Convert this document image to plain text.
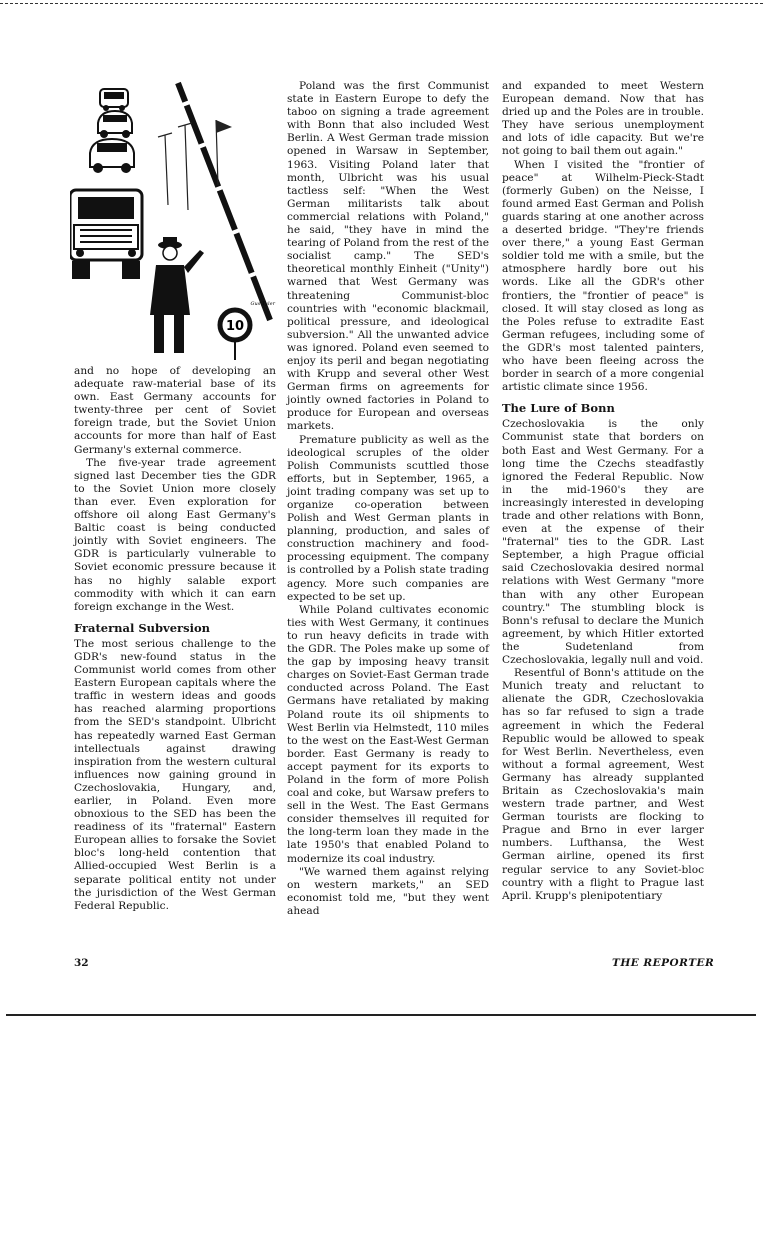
10
Gus Tyler

and no hope of developing an adequate raw-material base of its own. East Germany accounts for twenty-three per cent of Soviet foreign trade, but the Soviet Union accounts for more than half of East Germany's external commerce.

The five-year trade agreement signed last December ties the GDR to the Soviet Union more closely than ever. Even exploration for offshore oil along East Germany's Baltic coast is being conducted jointly with Soviet engineers. The GDR is particularly vulnerable to Soviet economic pressure because it has no highly salable export commodity with which it can earn foreign exchange in the West.

Fraternal Subversion

The most serious challenge to the GDR's new-found status in the Communist world comes from other Eastern European capitals where the traffic in western ideas and goods has reached alarming proportions from the SED's standpoint. Ulbricht has repeatedly warned East German intellectuals against drawing inspiration from the western cultural influences now gaining ground in Czechoslovakia, Hungary, and, earlier, in Poland. Even more obnoxious to the SED has been the readiness of its "fraternal" Eastern European allies to forsake the Soviet bloc's long-held contention that Allied-occupied West Berlin is a separate political entity not under the jurisdiction of the West German Federal Republic.

Poland was the first Communist state in Eastern Europe to defy the taboo on signing a trade agreement with Bonn that also included West Berlin. A West German trade mission opened in Warsaw in September, 1963. Visiting Poland later that month, Ulbricht was his usual tactless self: "When the West German militarists talk about commercial relations with Poland," he said, "they have in mind the tearing of Poland from the rest of the socialist camp." The SED's theoretical monthly Einheit ("Unity") warned that West Germany was threatening Communist-bloc countries with "economic blackmail, political pressure, and ideological subversion." All the unwanted advice was ignored. Poland even seemed to enjoy its peril and began negotiating with Krupp and several other West German firms on agreements for jointly owned factories in Poland to produce for European and overseas markets.

Premature publicity as well as the ideological scruples of the older Polish Communists scuttled those efforts, but in September, 1965, a joint trading company was set up to organize co-operation between Polish and West German plants in planning, production, and sales of construction machinery and food-processing equipment. The company is controlled by a Polish state trading agency. More such companies are expected to be set up.

While Poland cultivates economic ties with West Germany, it continues to run heavy deficits in trade with the GDR. The Poles make up some of the gap by imposing heavy transit charges on Soviet-East German trade conducted across Poland. The East Germans have retaliated by making Poland route its oil shipments to West Berlin via Helmstedt, 110 miles to the west on the East-West German border. East Germany is ready to accept payment for its exports to Poland in the form of more Polish coal and coke, but Warsaw prefers to sell in the West. The East Germans consider themselves ill requited for the long-term loan they made in the late 1950's that enabled Poland to modernize its coal industry.

"We warned them against relying on western markets," an SED economist told me, "but they went ahead

and expanded to meet Western European demand. Now that has dried up and the Poles are in trouble. They have serious unemployment and lots of idle capacity. But we're not going to bail them out again."

When I visited the "frontier of peace" at Wilhelm-Pieck-Stadt (formerly Guben) on the Neisse, I found armed East German and Polish guards staring at one another across a deserted bridge. "They're friends over there," a young East German soldier told me with a smile, but the atmosphere hardly bore out his words. Like all the GDR's other frontiers, the "frontier of peace" is closed. It will stay closed as long as the Poles refuse to extradite East German refugees, including some of the GDR's most talented painters, who have been fleeing across the border in search of a more congenial artistic climate since 1956.

The Lure of Bonn

Czechoslovakia is the only Communist state that borders on both East and West Germany. For a long time the Czechs steadfastly ignored the Federal Republic. Now in the mid-1960's they are increasingly interested in developing trade and other relations with Bonn, even at the expense of their "fraternal" ties to the GDR. Last September, a high Prague official said Czechoslovakia desired normal relations with West Germany "more than with any other European country." The stumbling block is Bonn's refusal to declare the Munich agreement, by which Hitler extorted the Sudetenland from Czechoslovakia, legally null and void.

Resentful of Bonn's attitude on the Munich treaty and reluctant to alienate the GDR, Czechoslovakia has so far refused to sign a trade agreement in which the Federal Republic would be allowed to speak for West Berlin. Nevertheless, even without a formal agreement, West Germany has already supplanted Britain as Czechoslovakia's main western trade partner, and West German tourists are flocking to Prague and Brno in ever larger numbers. Lufthansa, the West German airline, opened its first regular service to any Soviet-bloc country with a flight to Prague last April. Krupp's plenipotentiary

32	THE REPORTER
